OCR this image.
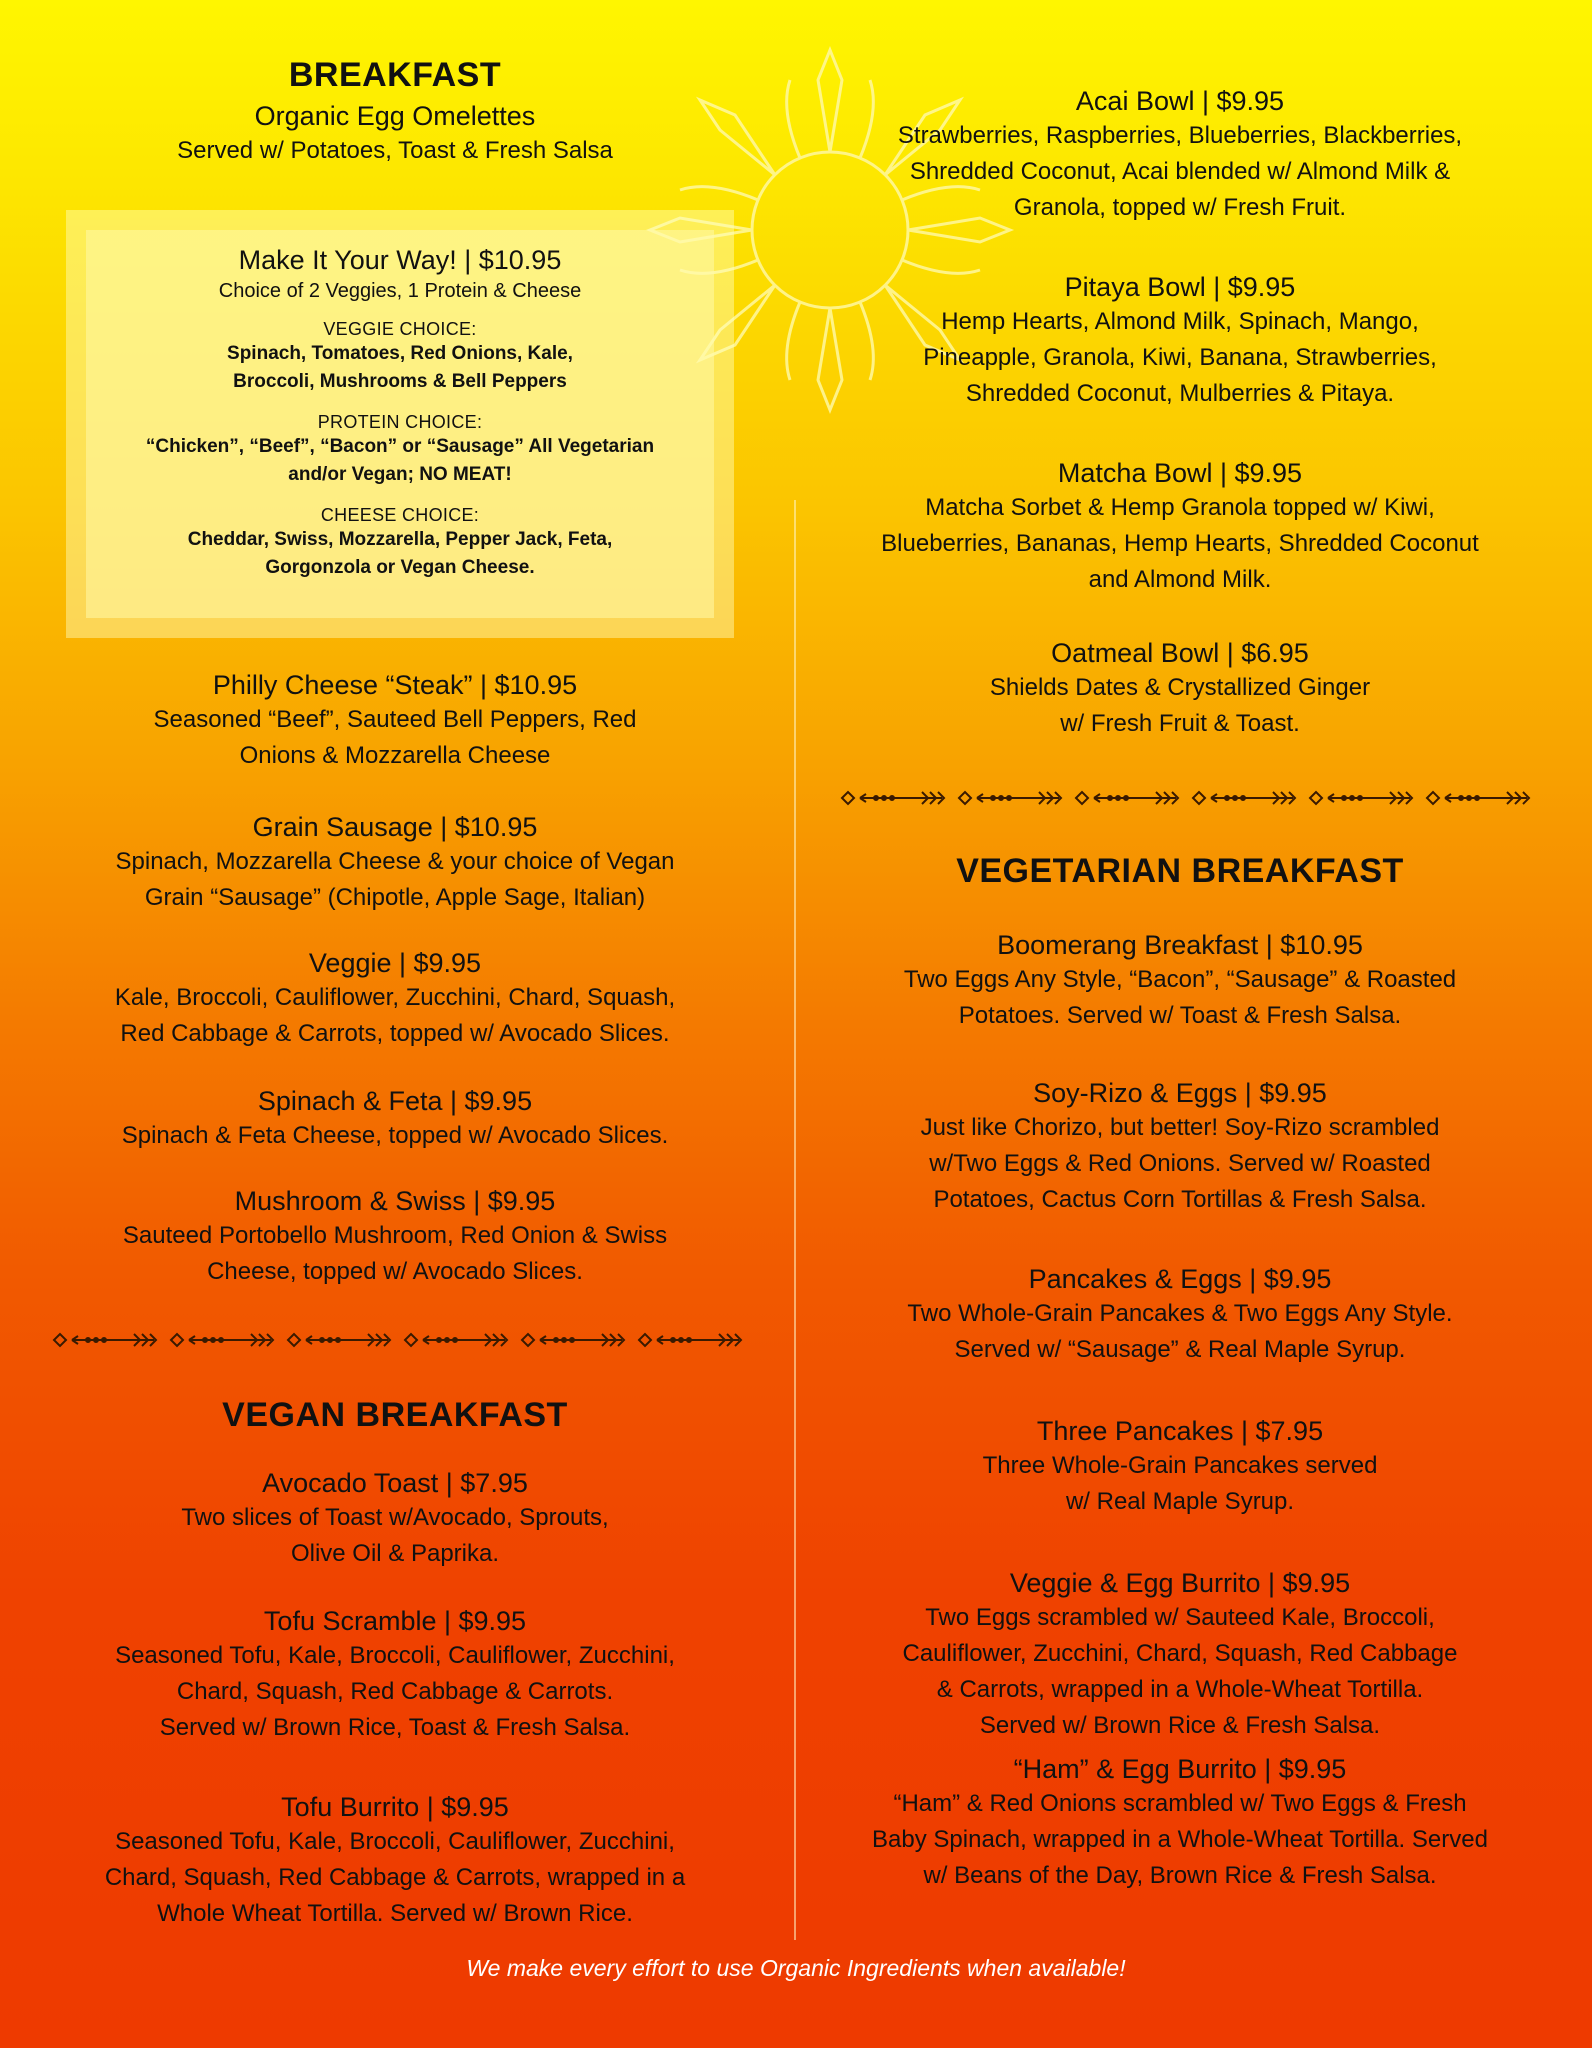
BREAKFAST
Organic Egg Omelettes
Served w/ Potatoes, Toast & Fresh Salsa
Make It Your Way! | $10.95
Choice of 2 Veggies, 1 Protein & Cheese
VEGGIE CHOICE:
Spinach, Tomatoes, Red Onions, Kale,
Broccoli, Mushrooms & Bell Peppers
PROTEIN CHOICE:
“Chicken”, “Beef”, “Bacon” or “Sausage” All Vegetarian
and/or Vegan; NO MEAT!
CHEESE CHOICE:
Cheddar, Swiss, Mozzarella, Pepper Jack, Feta,
Gorgonzola or Vegan Cheese.
Philly Cheese “Steak” | $10.95
Seasoned “Beef”, Sauteed Bell Peppers, Red
Onions & Mozzarella Cheese
Grain Sausage | $10.95
Spinach, Mozzarella Cheese & your choice of Vegan
Grain “Sausage” (Chipotle, Apple Sage, Italian)
Veggie | $9.95
Kale, Broccoli, Cauliflower, Zucchini, Chard, Squash,
Red Cabbage & Carrots, topped w/ Avocado Slices.
Spinach & Feta | $9.95
Spinach & Feta Cheese, topped w/ Avocado Slices.
Mushroom & Swiss | $9.95
Sauteed Portobello Mushroom, Red Onion & Swiss
Cheese, topped w/ Avocado Slices.
VEGAN BREAKFAST
Avocado Toast | $7.95
Two slices of Toast w/Avocado, Sprouts,
Olive Oil & Paprika.
Tofu Scramble | $9.95
Seasoned Tofu, Kale, Broccoli, Cauliflower, Zucchini,
Chard, Squash, Red Cabbage & Carrots.
Served w/ Brown Rice, Toast & Fresh Salsa.
Tofu Burrito | $9.95
Seasoned Tofu, Kale, Broccoli, Cauliflower, Zucchini,
Chard, Squash, Red Cabbage & Carrots, wrapped in a
Whole Wheat Tortilla. Served w/ Brown Rice.
Acai Bowl | $9.95
Strawberries, Raspberries, Blueberries, Blackberries,
Shredded Coconut, Acai blended w/ Almond Milk &
Granola, topped w/ Fresh Fruit.
Pitaya Bowl | $9.95
Hemp Hearts, Almond Milk, Spinach, Mango,
Pineapple, Granola, Kiwi, Banana, Strawberries,
Shredded Coconut, Mulberries & Pitaya.
Matcha Bowl | $9.95
Matcha Sorbet & Hemp Granola topped w/ Kiwi,
Blueberries, Bananas, Hemp Hearts, Shredded Coconut
and Almond Milk.
Oatmeal Bowl | $6.95
Shields Dates & Crystallized Ginger
w/ Fresh Fruit & Toast.
VEGETARIAN BREAKFAST
Boomerang Breakfast | $10.95
Two Eggs Any Style, “Bacon”, “Sausage” & Roasted
Potatoes. Served w/ Toast & Fresh Salsa.
Soy-Rizo & Eggs | $9.95
Just like Chorizo, but better! Soy-Rizo scrambled
w/Two Eggs & Red Onions. Served w/ Roasted
Potatoes, Cactus Corn Tortillas & Fresh Salsa.
Pancakes & Eggs | $9.95
Two Whole-Grain Pancakes & Two Eggs Any Style.
Served w/ “Sausage” & Real Maple Syrup.
Three Pancakes | $7.95
Three Whole-Grain Pancakes served
w/ Real Maple Syrup.
Veggie & Egg Burrito | $9.95
Two Eggs scrambled w/ Sauteed Kale, Broccoli,
Cauliflower, Zucchini, Chard, Squash, Red Cabbage
& Carrots, wrapped in a Whole-Wheat Tortilla.
Served w/ Brown Rice & Fresh Salsa.
“Ham” & Egg Burrito | $9.95
“Ham” & Red Onions scrambled w/ Two Eggs & Fresh
Baby Spinach, wrapped in a Whole-Wheat Tortilla. Served
w/ Beans of the Day, Brown Rice & Fresh Salsa.
We make every effort to use Organic Ingredients when available!
